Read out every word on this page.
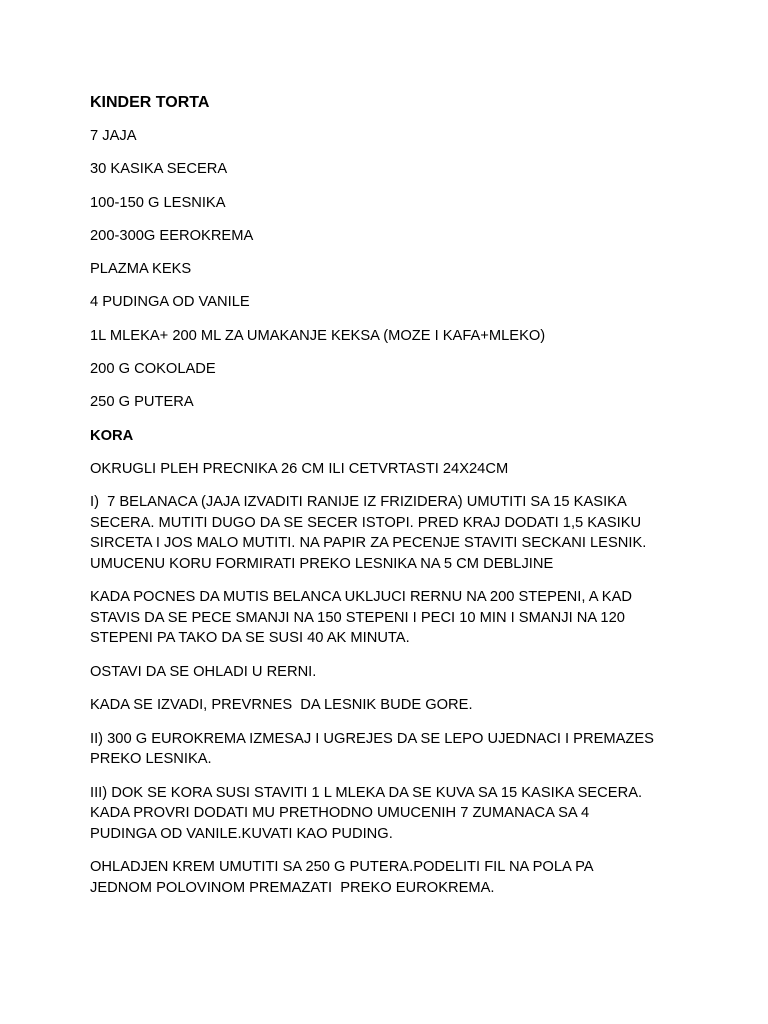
KINDER TORTA
7 JAJA
30 KASIKA SECERA
100-150 G LESNIKA
200-300G EEROKREMA
PLAZMA KEKS
4 PUDINGA OD VANILE
1L MLEKA+ 200 ML ZA UMAKANJE KEKSA (MOZE I KAFA+MLEKO)
200 G COKOLADE
250 G PUTERA
KORA
OKRUGLI PLEH PRECNIKA 26 CM ILI CETVRTASTI 24X24CM
I)  7 BELANACA (JAJA IZVADITI RANIJE IZ FRIZIDERA) UMUTITI SA 15 KASIKA
SECERA. MUTITI DUGO DA SE SECER ISTOPI. PRED KRAJ DODATI 1,5 KASIKU
SIRCETA I JOS MALO MUTITI. NA PAPIR ZA PECENJE STAVITI SECKANI LESNIK.
UMUCENU KORU FORMIRATI PREKO LESNIKA NA 5 CM DEBLJINE
KADA POCNES DA MUTIS BELANCA UKLJUCI RERNU NA 200 STEPENI, A KAD
STAVIS DA SE PECE SMANJI NA 150 STEPENI I PECI 10 MIN I SMANJI NA 120
STEPENI PA TAKO DA SE SUSI 40 AK MINUTA.
OSTAVI DA SE OHLADI U RERNI.
KADA SE IZVADI, PREVRNES  DA LESNIK BUDE GORE.
II) 300 G EUROKREMA IZMESAJ I UGREJES DA SE LEPO UJEDNACI I PREMAZES
PREKO LESNIKA.
III) DOK SE KORA SUSI STAVITI 1 L MLEKA DA SE KUVA SA 15 KASIKA SECERA.
KADA PROVRI DODATI MU PRETHODNO UMUCENIH 7 ZUMANACA SA 4
PUDINGA OD VANILE.KUVATI KAO PUDING.
OHLADJEN KREM UMUTITI SA 250 G PUTERA.PODELITI FIL NA POLA PA
JEDNOM POLOVINOM PREMAZATI  PREKO EUROKREMA.
